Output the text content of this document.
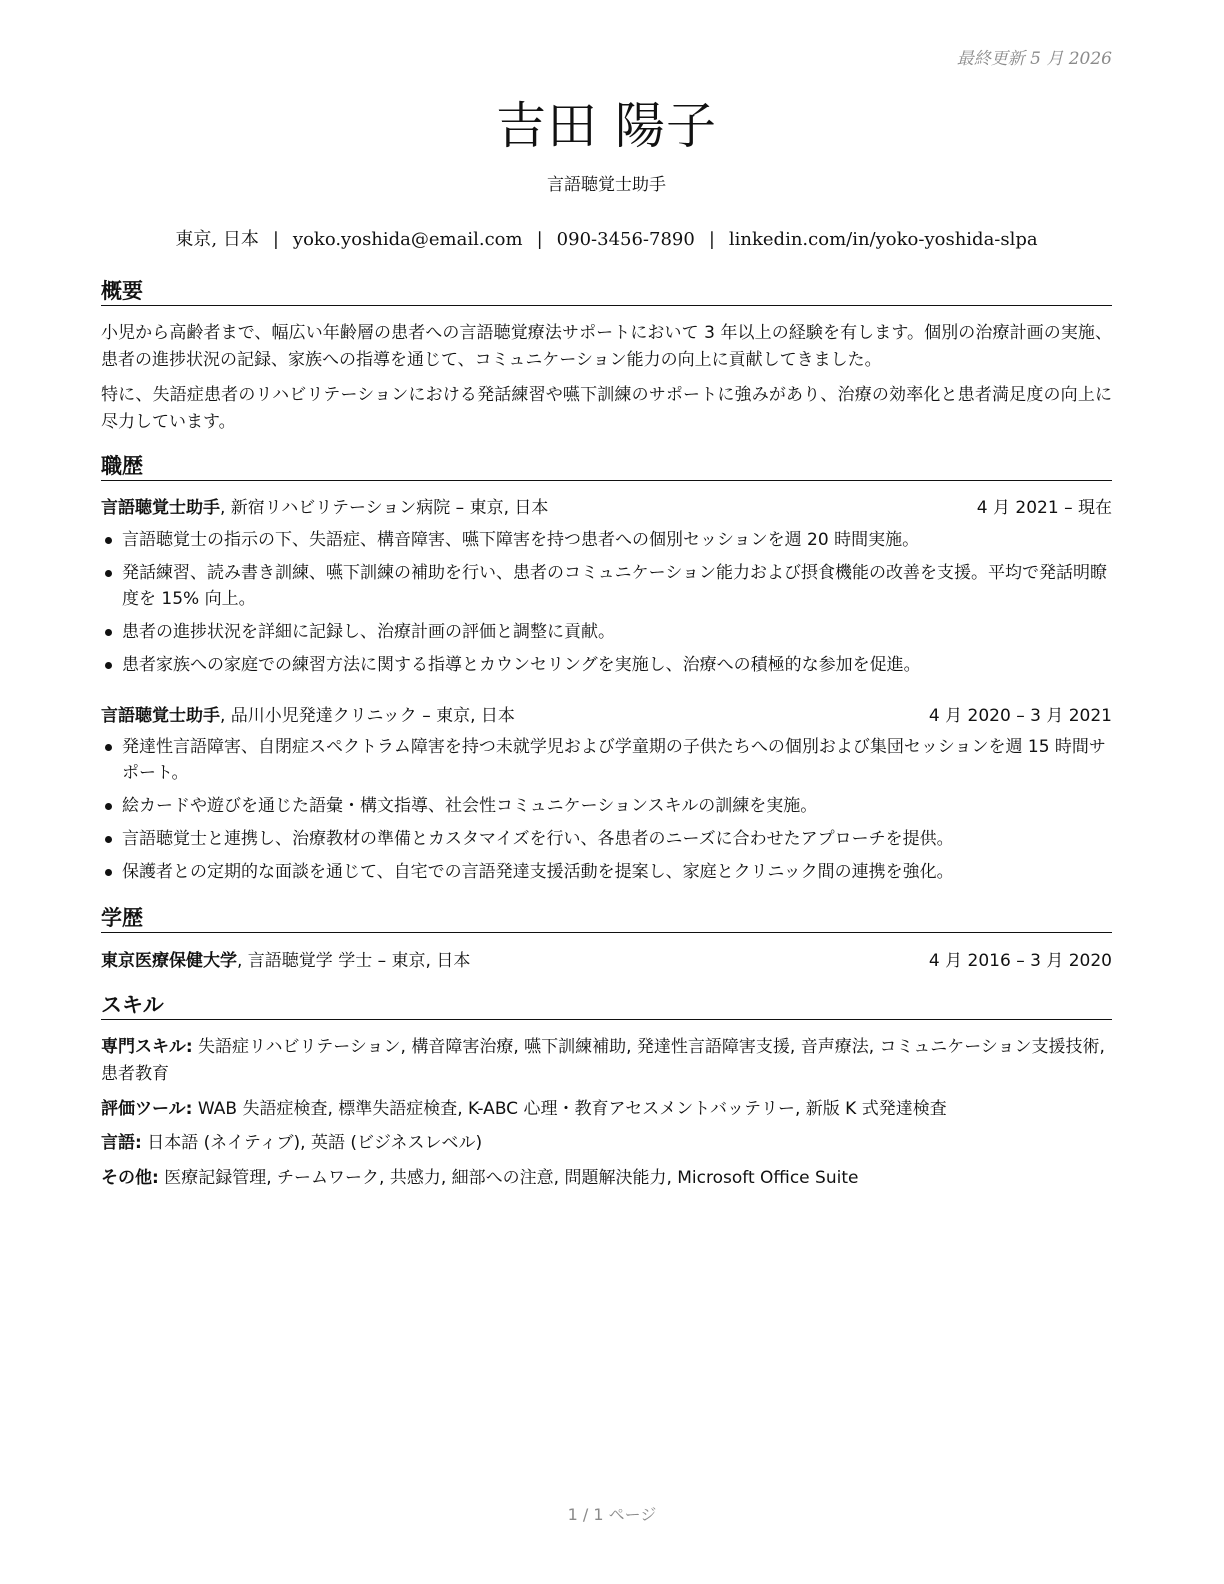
最終更新 5 月 2026
吉田 陽子
言語聴覚士助手
東京, 日本 | yoko.yoshida@email.com | 090-3456-7890 | linkedin.com/in/yoko-yoshida-slpa
概要
小児から高齢者まで、幅広い年齢層の患者への言語聴覚療法サポートにおいて 3 年以上の経験を有します。個別の治療計画の実施、患者の進捗状況の記録、家族への指導を通じて、コミュニケーション能力の向上に貢献してきました。
特に、失語症患者のリハビリテーションにおける発話練習や嚥下訓練のサポートに強みがあり、治療の効率化と患者満足度の向上に尽力しています。
職歴
言語聴覚士助手, 新宿リハビリテーション病院 – 東京, 日本	4 月 2021 – 現在
言語聴覚士の指示の下、失語症、構音障害、嚥下障害を持つ患者への個別セッションを週 20 時間実施。
発話練習、読み書き訓練、嚥下訓練の補助を行い、患者のコミュニケーション能力および摂食機能の改善を支援。平均で発話明瞭度を 15% 向上。
患者の進捗状況を詳細に記録し、治療計画の評価と調整に貢献。
患者家族への家庭での練習方法に関する指導とカウンセリングを実施し、治療への積極的な参加を促進。
言語聴覚士助手, 品川小児発達クリニック – 東京, 日本	4 月 2020 – 3 月 2021
発達性言語障害、自閉症スペクトラム障害を持つ未就学児および学童期の子供たちへの個別および集団セッションを週 15 時間サポート。
絵カードや遊びを通じた語彙・構文指導、社会性コミュニケーションスキルの訓練を実施。
言語聴覚士と連携し、治療教材の準備とカスタマイズを行い、各患者のニーズに合わせたアプローチを提供。
保護者との定期的な面談を通じて、自宅での言語発達支援活動を提案し、家庭とクリニック間の連携を強化。
学歴
東京医療保健大学, 言語聴覚学 学士 – 東京, 日本	4 月 2016 – 3 月 2020
スキル
専門スキル: 失語症リハビリテーション, 構音障害治療, 嚥下訓練補助, 発達性言語障害支援, 音声療法, コミュニケーション支援技術, 患者教育
評価ツール: WAB 失語症検査, 標準失語症検査, K-ABC 心理・教育アセスメントバッテリー, 新版 K 式発達検査
言語: 日本語 (ネイティブ), 英語 (ビジネスレベル)
その他: 医療記録管理, チームワーク, 共感力, 細部への注意, 問題解決能力, Microsoft Office Suite
1 / 1 ページ
